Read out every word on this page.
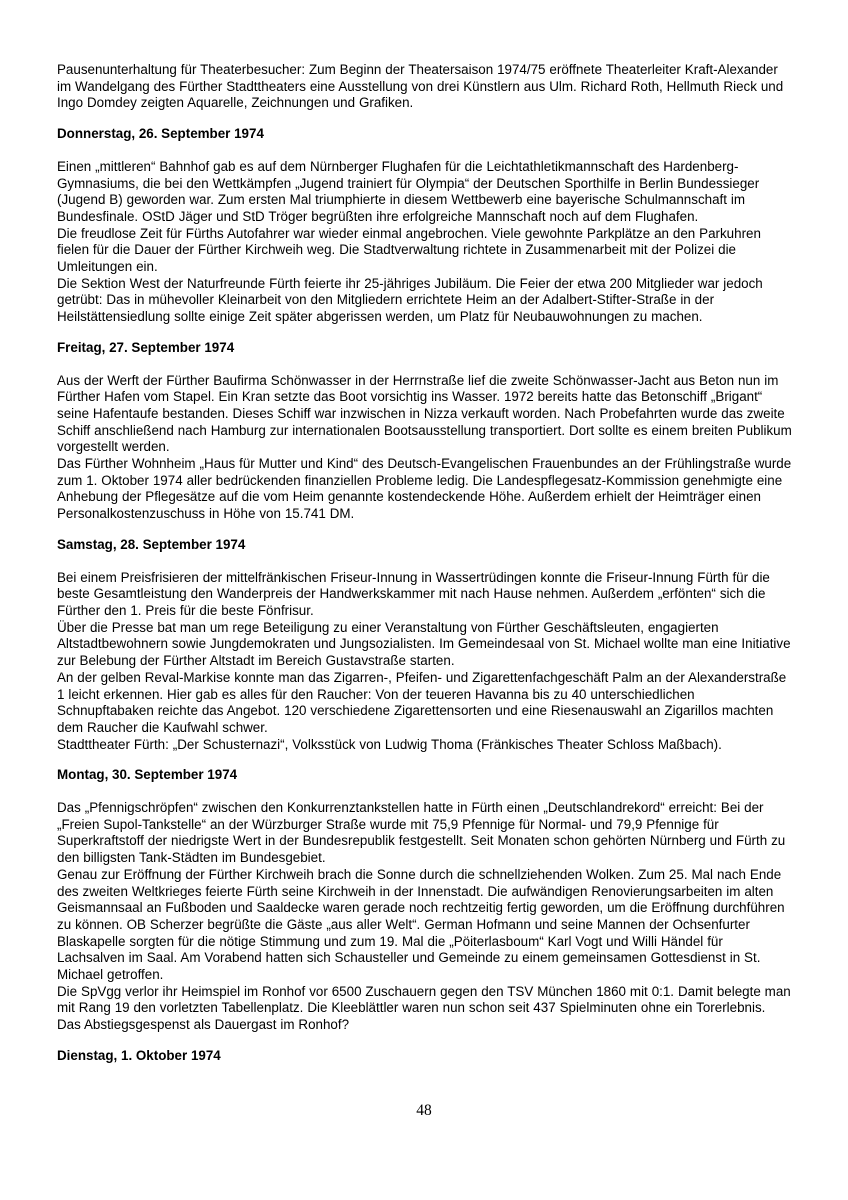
Pausenunterhaltung für Theaterbesucher: Zum Beginn der Theatersaison 1974/75 eröffnete Theaterleiter Kraft-Alexander im Wandelgang des Fürther Stadttheaters eine Ausstellung von drei Künstlern aus Ulm. Richard Roth, Hellmuth Rieck und Ingo Domdey zeigten Aquarelle, Zeichnungen und Grafiken.

Donnerstag, 26. September 1974

Einen „mittleren“ Bahnhof gab es auf dem Nürnberger Flughafen für die Leichtathletikmannschaft des Hardenberg-Gymnasiums, die bei den Wettkämpfen „Jugend trainiert für Olympia“ der Deutschen Sporthilfe in Berlin Bundessieger (Jugend B) geworden war. Zum ersten Mal triumphierte in diesem Wettbewerb eine bayerische Schulmannschaft im Bundesfinale. OStD Jäger und StD Tröger begrüßten ihre erfolgreiche Mannschaft noch auf dem Flughafen.

Die freudlose Zeit für Fürths Autofahrer war wieder einmal angebrochen. Viele gewohnte Parkplätze an den Parkuhren fielen für die Dauer der Fürther Kirchweih weg. Die Stadtverwaltung richtete in Zusammenarbeit mit der Polizei die Umleitungen ein.

Die Sektion West der Naturfreunde Fürth feierte ihr 25-jähriges Jubiläum. Die Feier der etwa 200 Mitglieder war jedoch getrübt: Das in mühevoller Kleinarbeit von den Mitgliedern errichtete Heim an der Adalbert-Stifter-Straße in der Heilstättensiedlung sollte einige Zeit später abgerissen werden, um Platz für Neubauwohnungen zu machen.

Freitag, 27. September 1974

Aus der Werft der Fürther Baufirma Schönwasser in der Herrnstraße lief die zweite Schönwasser-Jacht aus Beton nun im Fürther Hafen vom Stapel. Ein Kran setzte das Boot vorsichtig ins Wasser. 1972 bereits hatte das Betonschiff „Brigant“ seine Hafentaufe bestanden. Dieses Schiff war inzwischen in Nizza verkauft worden. Nach Probefahrten wurde das zweite Schiff anschließend nach Hamburg zur internationalen Bootsausstellung transportiert. Dort sollte es einem breiten Publikum vorgestellt werden.

Das Fürther Wohnheim „Haus für Mutter und Kind“ des Deutsch-Evangelischen Frauenbundes an der Frühlingstraße wurde zum 1. Oktober 1974 aller bedrückenden finanziellen Probleme ledig. Die Landespflegesatz-Kommission genehmigte eine Anhebung der Pflegesätze auf die vom Heim genannte kostendeckende Höhe. Außerdem erhielt der Heimträger einen Personalkostenzuschuss in Höhe von 15.741 DM.

Samstag, 28. September 1974

Bei einem Preisfrisieren der mittelfränkischen Friseur-Innung in Wassertrüdingen konnte die Friseur-Innung Fürth für die beste Gesamtleistung den Wanderpreis der Handwerkskammer mit nach Hause nehmen. Außerdem „erfönten“ sich die Fürther den 1. Preis für die beste Fönfrisur.

Über die Presse bat man um rege Beteiligung zu einer Veranstaltung von Fürther Geschäftsleuten, engagierten Altstadtbewohnern sowie Jungdemokraten und Jungsozialisten. Im Gemeindesaal von St. Michael wollte man eine Initiative zur Belebung der Fürther Altstadt im Bereich Gustavstraße starten.

An der gelben Reval-Markise konnte man das Zigarren-, Pfeifen- und Zigarettenfachgeschäft Palm an der Alexanderstraße 1 leicht erkennen. Hier gab es alles für den Raucher: Von der teueren Havanna bis zu 40 unterschiedlichen Schnupftabaken reichte das Angebot. 120 verschiedene Zigarettensorten und eine Riesenauswahl an Zigarillos machten dem Raucher die Kaufwahl schwer.

Stadttheater Fürth: „Der Schusternazi“, Volksstück von Ludwig Thoma (Fränkisches Theater Schloss Maßbach).

Montag, 30. September 1974

Das „Pfennigschröpfen“ zwischen den Konkurrenztankstellen hatte in Fürth einen „Deutschlandrekord“ erreicht: Bei der „Freien Supol-Tankstelle“ an der Würzburger Straße wurde mit 75,9 Pfennige für Normal- und 79,9 Pfennige für Superkraftstoff der niedrigste Wert in der Bundesrepublik festgestellt. Seit Monaten schon gehörten Nürnberg und Fürth zu den billigsten Tank-Städten im Bundesgebiet.

Genau zur Eröffnung der Fürther Kirchweih brach die Sonne durch die schnellziehenden Wolken. Zum 25. Mal nach Ende des zweiten Weltkrieges feierte Fürth seine Kirchweih in der Innenstadt. Die aufwändigen Renovierungsarbeiten im alten Geismannsaal an Fußboden und Saaldecke waren gerade noch rechtzeitig fertig geworden, um die Eröffnung durchführen zu können. OB Scherzer begrüßte die Gäste „aus aller Welt“. German Hofmann und seine Mannen der Ochsenfurter Blaskapelle sorgten für die nötige Stimmung und zum 19. Mal die „Pöiterlasboum“ Karl Vogt und Willi Händel für Lachsalven im Saal. Am Vorabend hatten sich Schausteller und Gemeinde zu einem gemeinsamen Gottesdienst in St. Michael getroffen.

Die SpVgg verlor ihr Heimspiel im Ronhof vor 6500 Zuschauern gegen den TSV München 1860 mit 0:1. Damit belegte man mit Rang 19 den vorletzten Tabellenplatz. Die Kleeblättler waren nun schon seit 437 Spielminuten ohne ein Torerlebnis. Das Abstiegsgespenst als Dauergast im Ronhof?

Dienstag, 1. Oktober 1974
48
